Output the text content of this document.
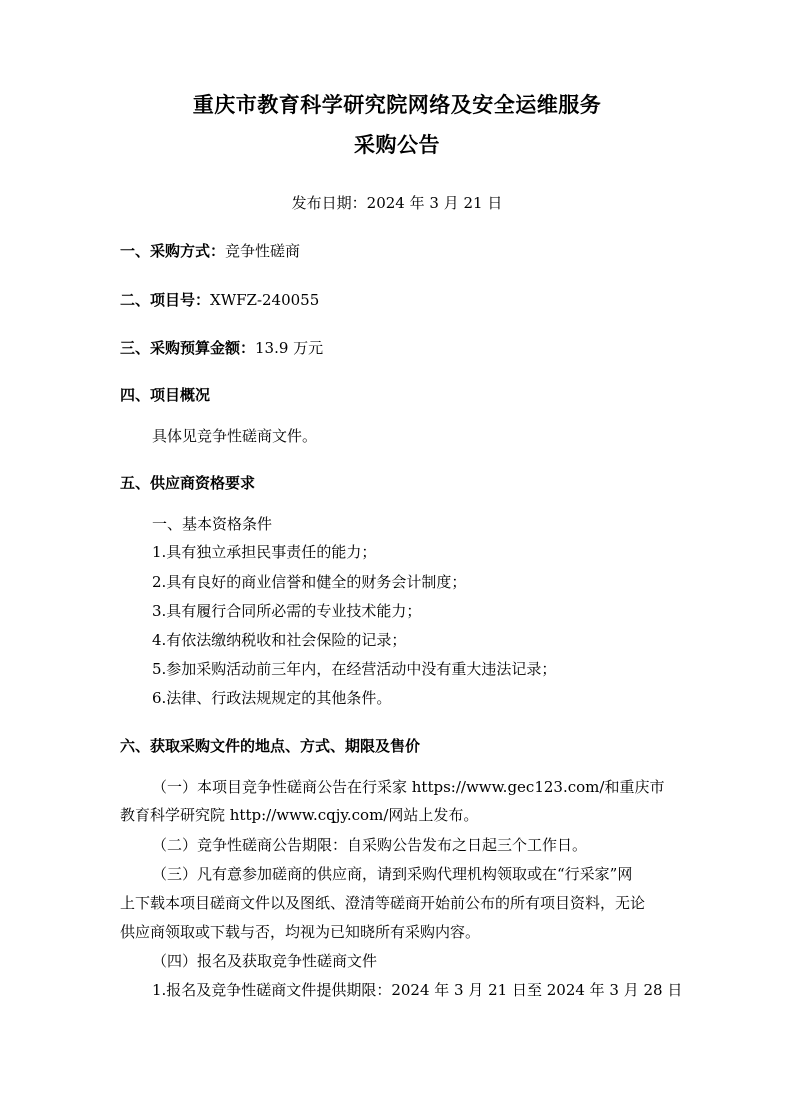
重庆市教育科学研究院网络及安全运维服务
采购公告
发布日期：2024 年 3 月 21 日
一、采购方式：竞争性磋商
二、项目号：XWFZ-240055
三、采购预算金额：13.9 万元
四、项目概况
具体见竞争性磋商文件。
五、供应商资格要求
一、基本资格条件
1.具有独立承担民事责任的能力；
2.具有良好的商业信誉和健全的财务会计制度；
3.具有履行合同所必需的专业技术能力；
4.有依法缴纳税收和社会保险的记录；
5.参加采购活动前三年内，在经营活动中没有重大违法记录；
6.法律、行政法规规定的其他条件。
六、获取采购文件的地点、方式、期限及售价
（一）本项目竞争性磋商公告在行采家 https://www.gec123.com/和重庆市
教育科学研究院 http://www.cqjy.com/网站上发布。
（二）竞争性磋商公告期限：自采购公告发布之日起三个工作日。
（三）凡有意参加磋商的供应商，请到采购代理机构领取或在“行采家”网
上下载本项目磋商文件以及图纸、澄清等磋商开始前公布的所有项目资料，无论
供应商领取或下载与否，均视为已知晓所有采购内容。
（四）报名及获取竞争性磋商文件
1.报名及竞争性磋商文件提供期限：2024 年 3 月 21 日至 2024 年 3 月 28 日
